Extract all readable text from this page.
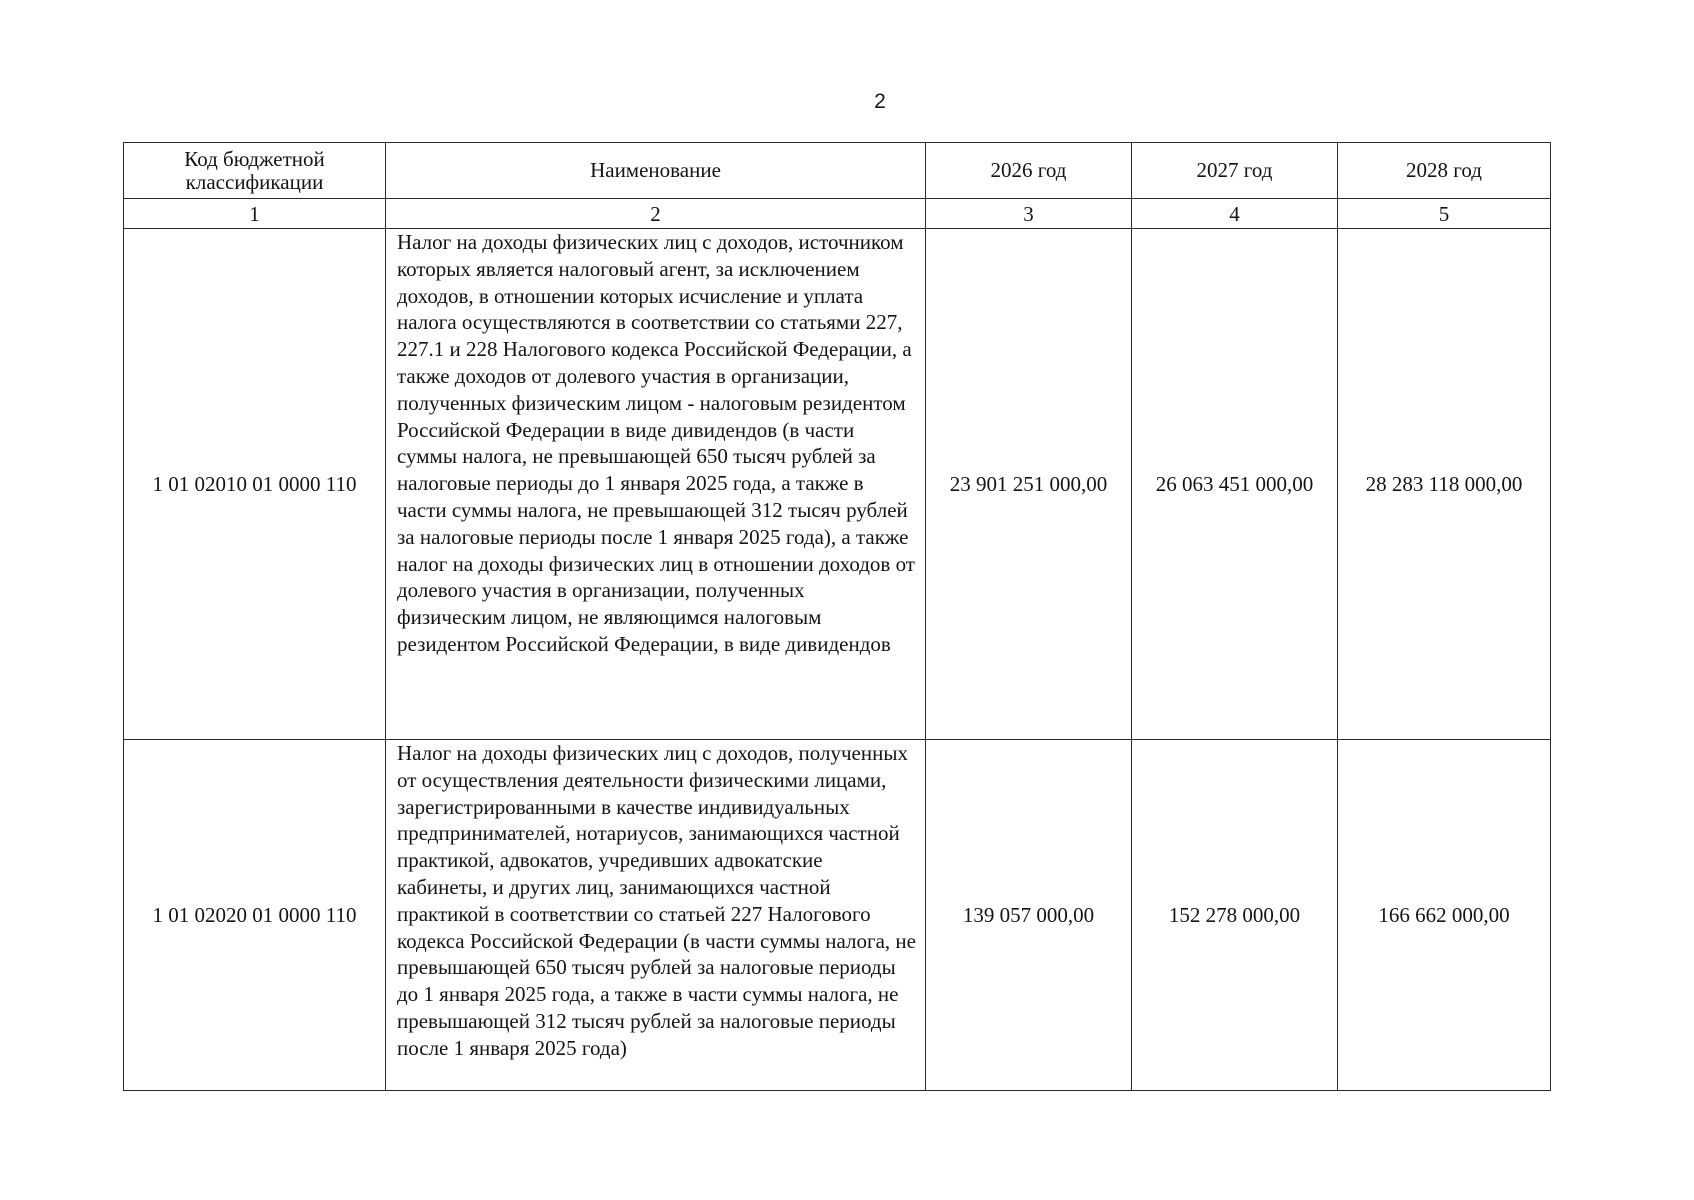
2
Код бюджетной классификации	Наименование	2026 год	2027 год	2028 год
1	2	3	4	5
1 01 02010 01 0000 110	Налог на доходы физических лиц с доходов, источником которых является налоговый агент, за исключением доходов, в отношении которых исчисление и уплата налога осуществляются в соответствии со статьями 227, 227.1 и 228 Налогового кодекса Российской Федерации, а также доходов от долевого участия в организации, полученных физическим лицом - налоговым резидентом Российской Федерации в виде дивидендов (в части суммы налога, не превышающей 650 тысяч рублей за налоговые периоды до 1 января 2025 года, а также в части суммы налога, не превышающей 312 тысяч рублей за налоговые периоды после 1 января 2025 года), а также налог на доходы физических лиц в отношении доходов от долевого участия в организации, полученных физическим лицом, не являющимся налоговым резидентом Российской Федерации, в виде дивидендов	23 901 251 000,00	26 063 451 000,00	28 283 118 000,00
1 01 02020 01 0000 110	Налог на доходы физических лиц с доходов, полученных от осуществления деятельности физическими лицами, зарегистрированными в качестве индивидуальных предпринимателей, нотариусов, занимающихся частной практикой, адвокатов, учредивших адвокатские кабинеты, и других лиц, занимающихся частной практикой в соответствии со статьей 227 Налогового кодекса Российской Федерации (в части суммы налога, не превышающей 650 тысяч рублей за налоговые периоды до 1 января 2025 года, а также в части суммы налога, не превышающей 312 тысяч рублей за налоговые периоды после 1 января 2025 года)	139 057 000,00	152 278 000,00	166 662 000,00
